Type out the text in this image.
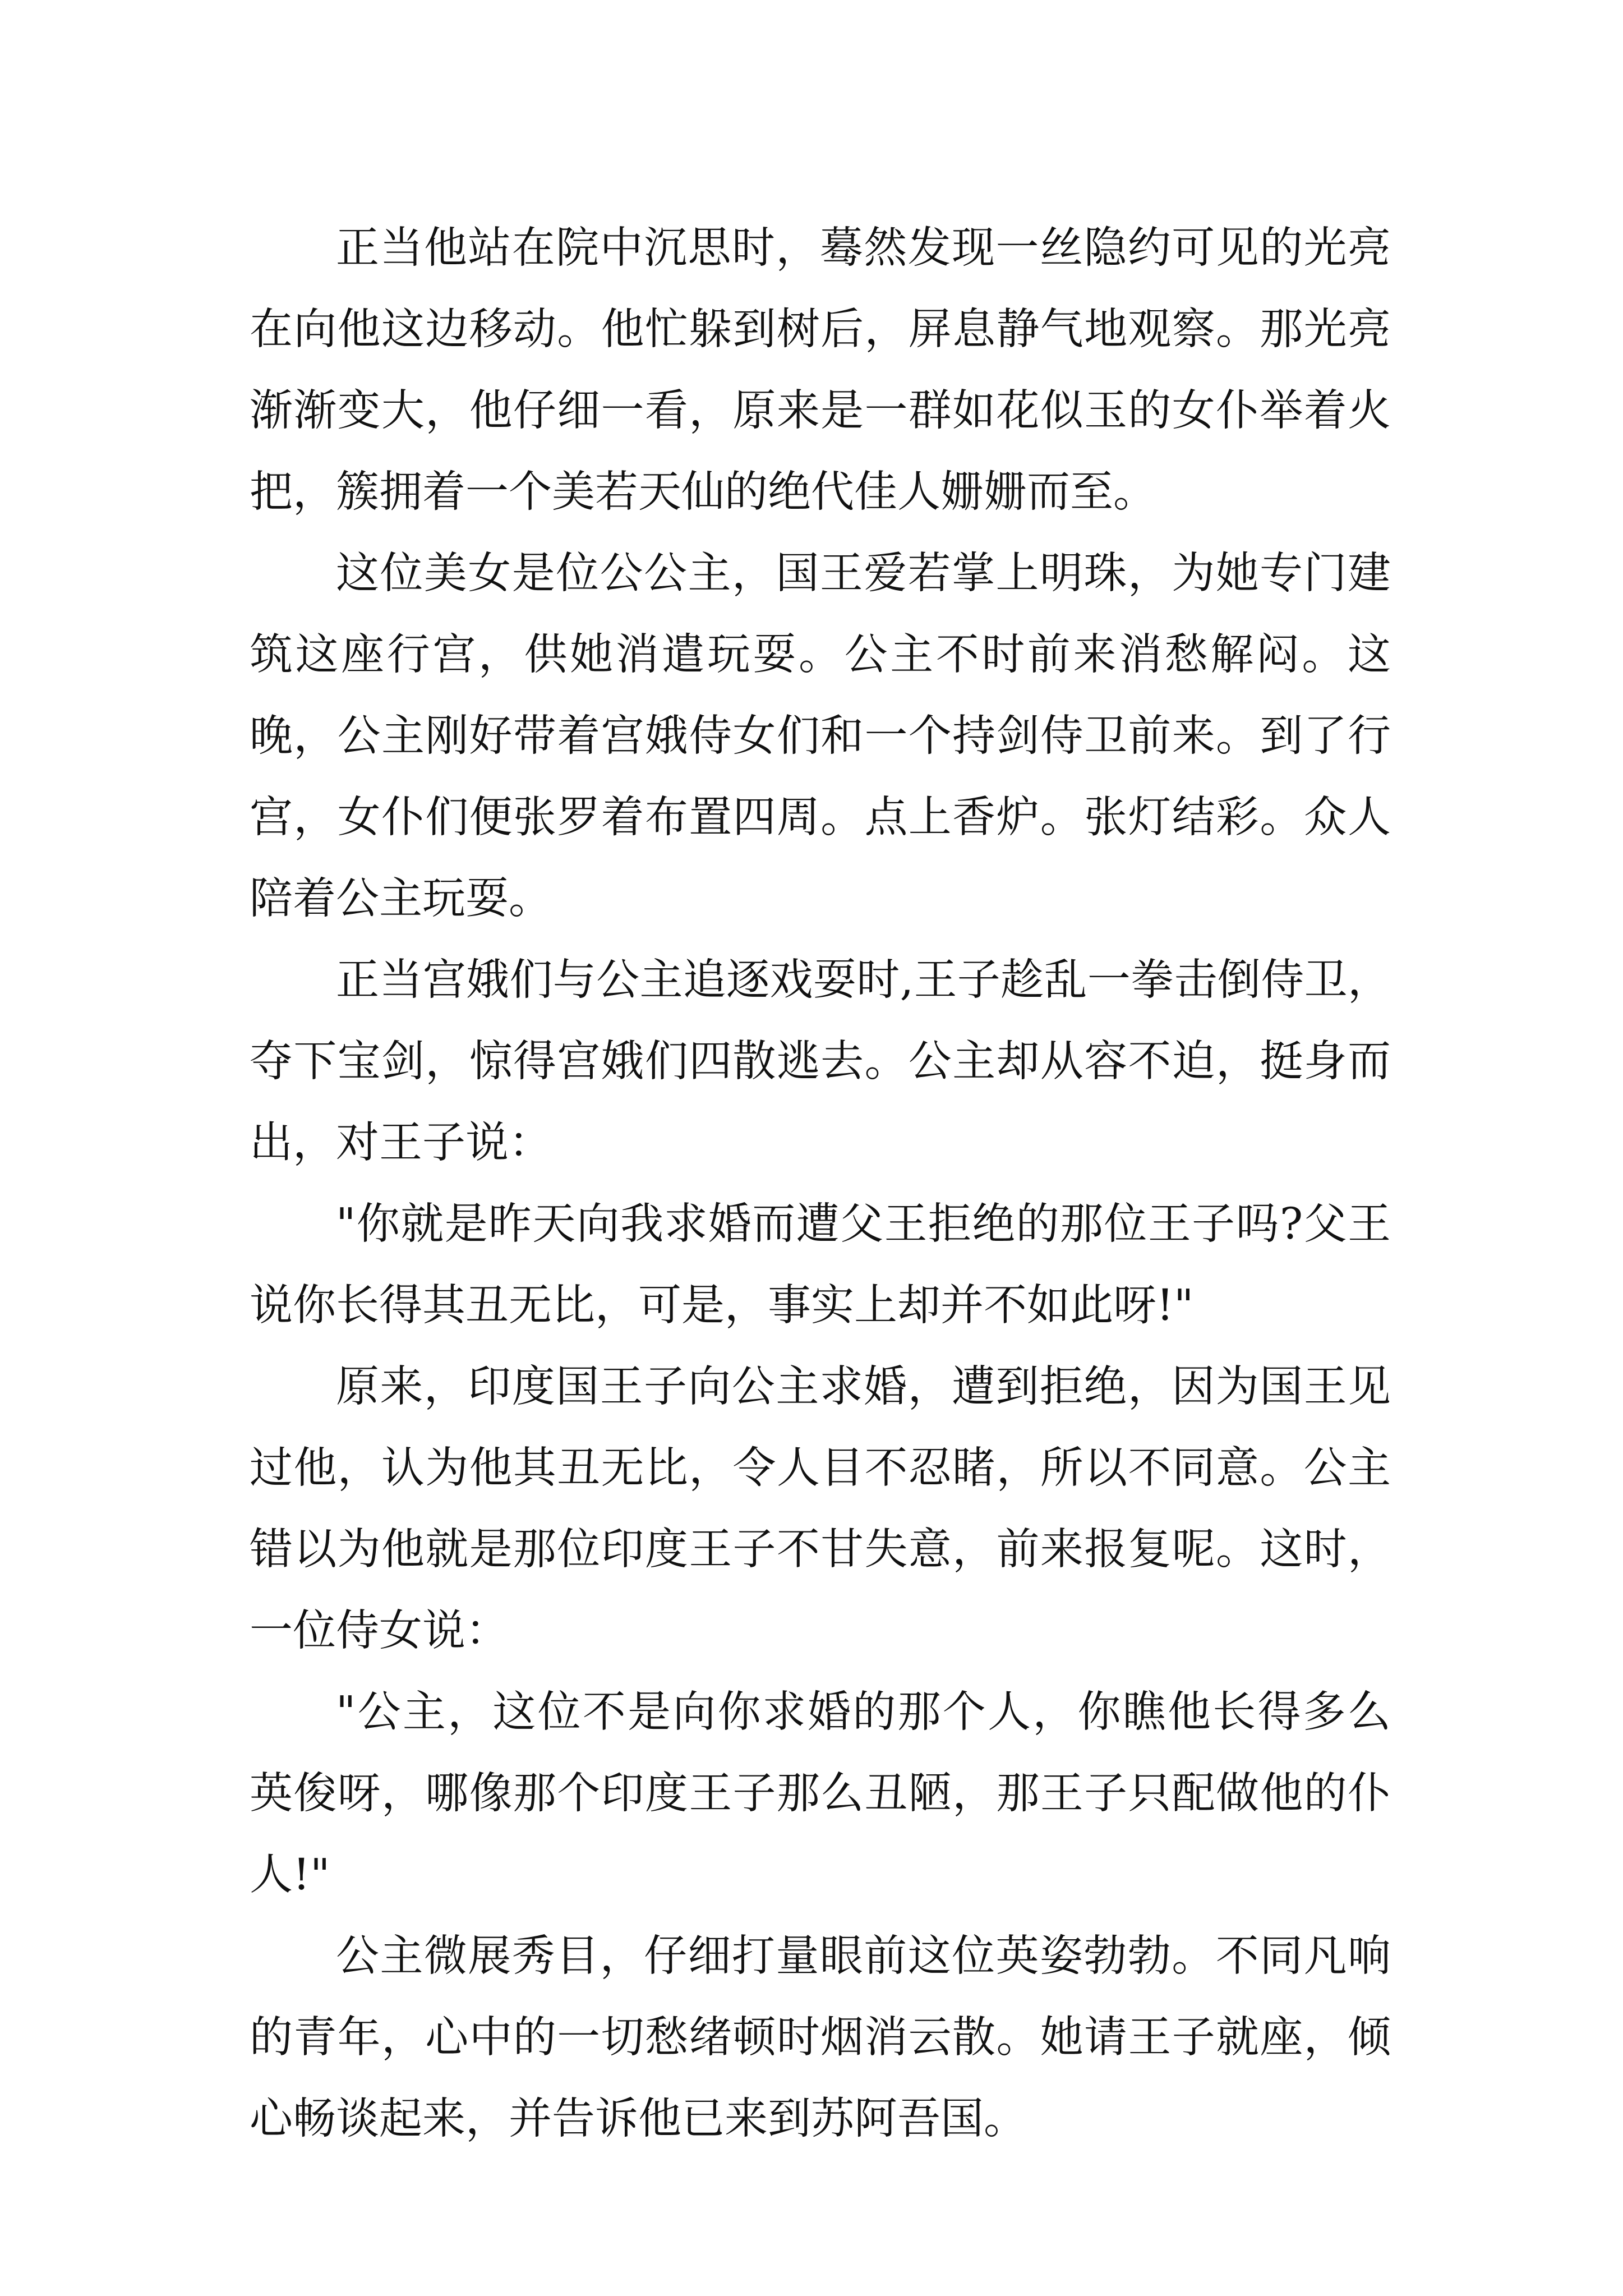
正当他站在院中沉思时，蓦然发现一丝隐约可见的光亮在向他这边移动。他忙躲到树后，屏息静气地观察。那光亮渐渐变大，他仔细一看，原来是一群如花似玉的女仆举着火把，簇拥着一个美若天仙的绝代佳人姗姗而至。

这位美女是位公公主，国王爱若掌上明珠，为她专门建筑这座行宫，供她消遣玩耍。公主不时前来消愁解闷。这晚，公主刚好带着宫娥侍女们和一个持剑侍卫前来。到了行宫，女仆们便张罗着布置四周。点上香炉。张灯结彩。众人陪着公主玩耍。

正当宫娥们与公主追逐戏耍时,王子趁乱一拳击倒侍卫，夺下宝剑，惊得宫娥们四散逃去。公主却从容不迫，挺身而出，对王子说：

"你就是昨天向我求婚而遭父王拒绝的那位王子吗?父王说你长得其丑无比，可是，事实上却并不如此呀!"

原来，印度国王子向公主求婚，遭到拒绝，因为国王见过他，认为他其丑无比，令人目不忍睹，所以不同意。公主错以为他就是那位印度王子不甘失意，前来报复呢。这时，一位侍女说：

"公主，这位不是向你求婚的那个人，你瞧他长得多么英俊呀，哪像那个印度王子那么丑陋，那王子只配做他的仆人!"

公主微展秀目，仔细打量眼前这位英姿勃勃。不同凡响的青年，心中的一切愁绪顿时烟消云散。她请王子就座，倾心畅谈起来，并告诉他已来到苏阿吾国。
